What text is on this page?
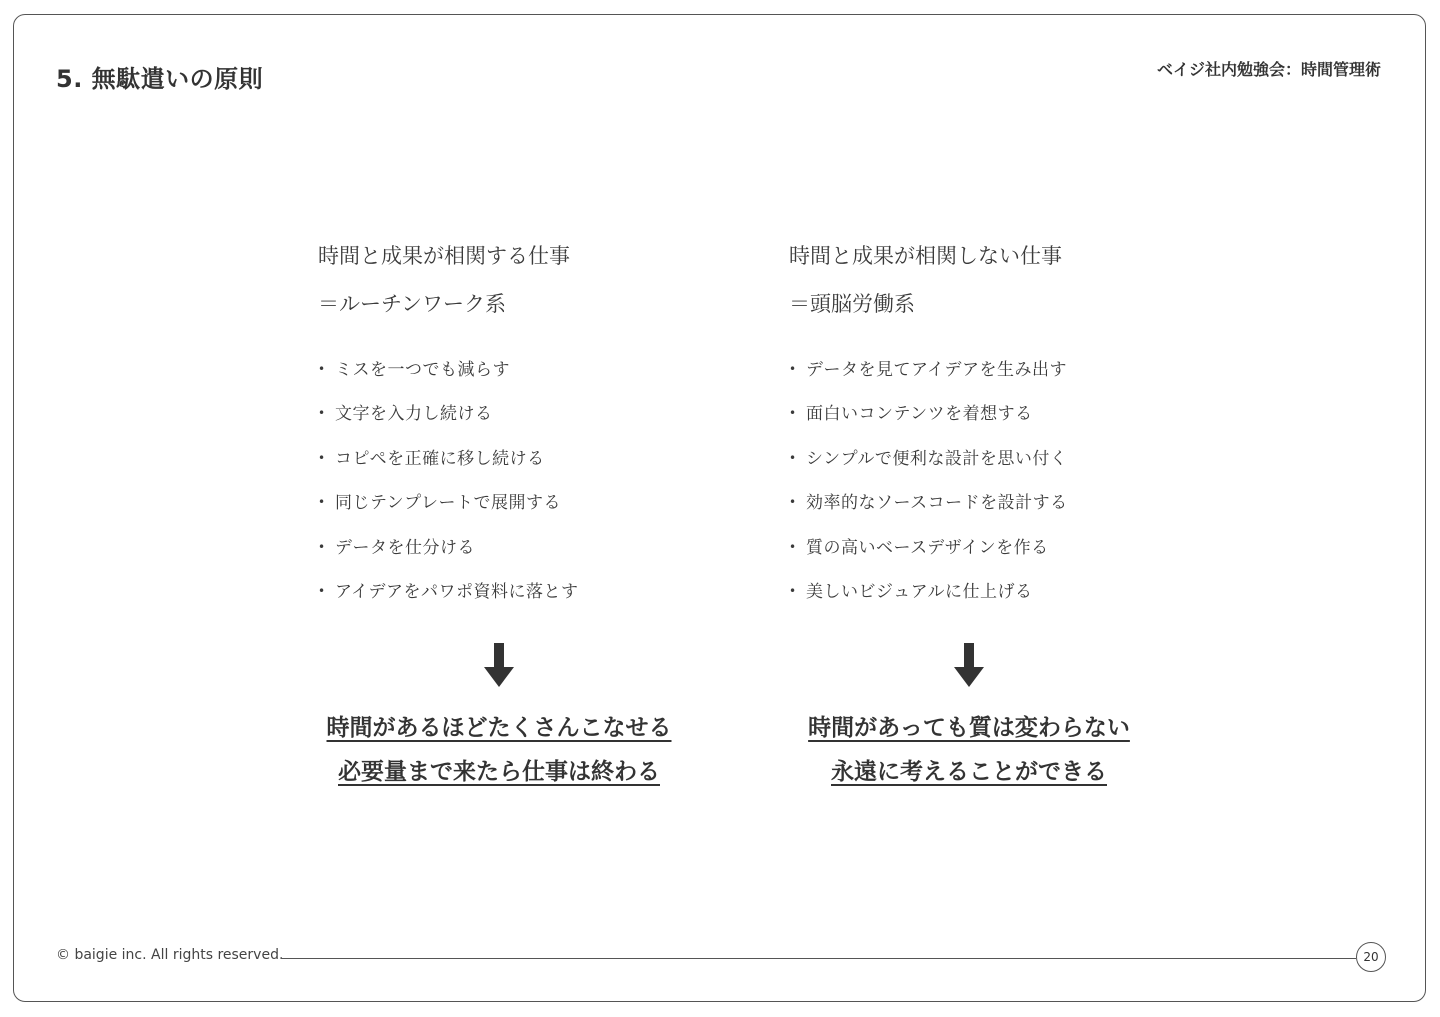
5. 無駄遣いの原則	ベイジ社内勉強会：時間管理術
時間と成果が相関する仕事
＝ルーチンワーク系
• ミスを一つでも減らす
• 文字を入力し続ける
• コピペを正確に移し続ける
• 同じテンプレートで展開する
• データを仕分ける
• アイデアをパワポ資料に落とす
時間があるほどたくさんこなせる
必要量まで来たら仕事は終わる
時間と成果が相関しない仕事
＝頭脳労働系
• データを見てアイデアを生み出す
• 面白いコンテンツを着想する
• シンプルで便利な設計を思い付く
• 効率的なソースコードを設計する
• 質の高いベースデザインを作る
• 美しいビジュアルに仕上げる
時間があっても質は変わらない
永遠に考えることができる
© baigie inc. All rights reserved.	20
